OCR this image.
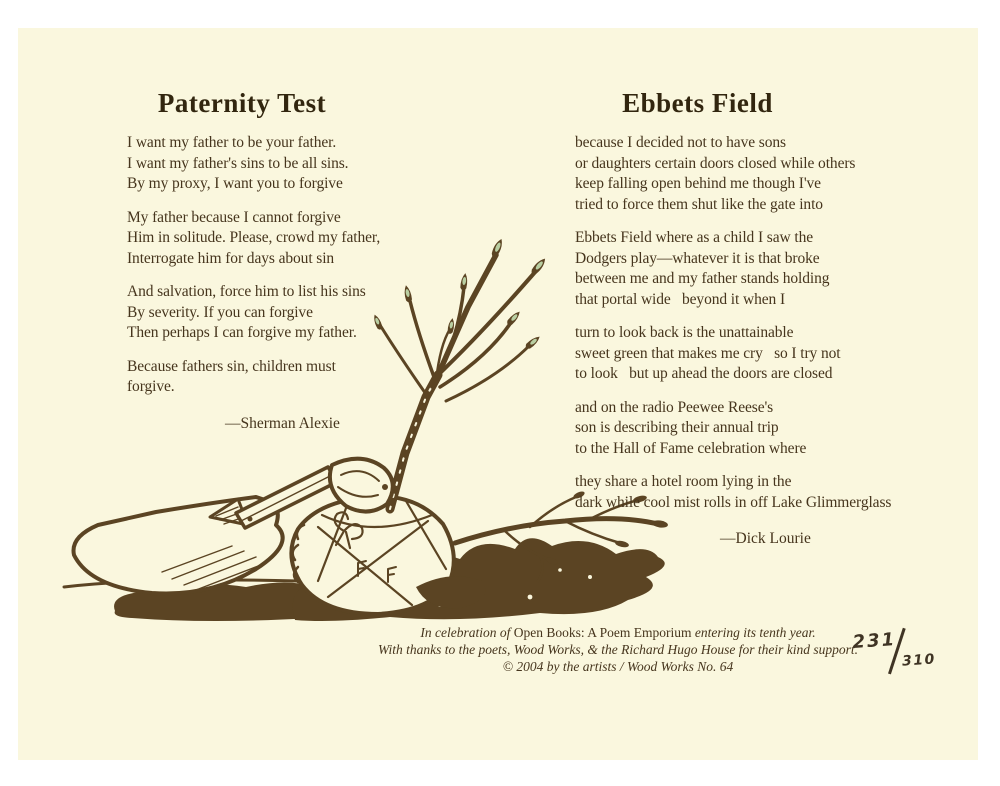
Paternity Test
I want my father to be your father.
I want my father's sins to be all sins.
By my proxy, I want you to forgive
My father because I cannot forgive
Him in solitude. Please, crowd my father,
Interrogate him for days about sin
And salvation, force him to list his sins
By severity. If you can forgive
Then perhaps I can forgive my father.
Because fathers sin, children must forgive.
—Sherman Alexie
Ebbets Field
because I decided not to have sons
or daughters certain doors closed while others
keep falling open behind me though I've
tried to force them shut like the gate into
Ebbets Field where as a child I saw the
Dodgers play—whatever it is that broke
between me and my father stands holding
that portal wide   beyond it when I
turn to look back is the unattainable
sweet green that makes me cry   so I try not
to look   but up ahead the doors are closed
and on the radio Peewee Reese's
son is describing their annual trip
to the Hall of Fame celebration where
they share a hotel room lying in the
dark while cool mist rolls in off Lake Glimmerglass
—Dick Lourie
In celebration of Open Books: A Poem Emporium entering its tenth year.
With thanks to the poets, Wood Works, & the Richard Hugo House for their kind support.
© 2004 by the artists / Wood Works No. 64
231
310
